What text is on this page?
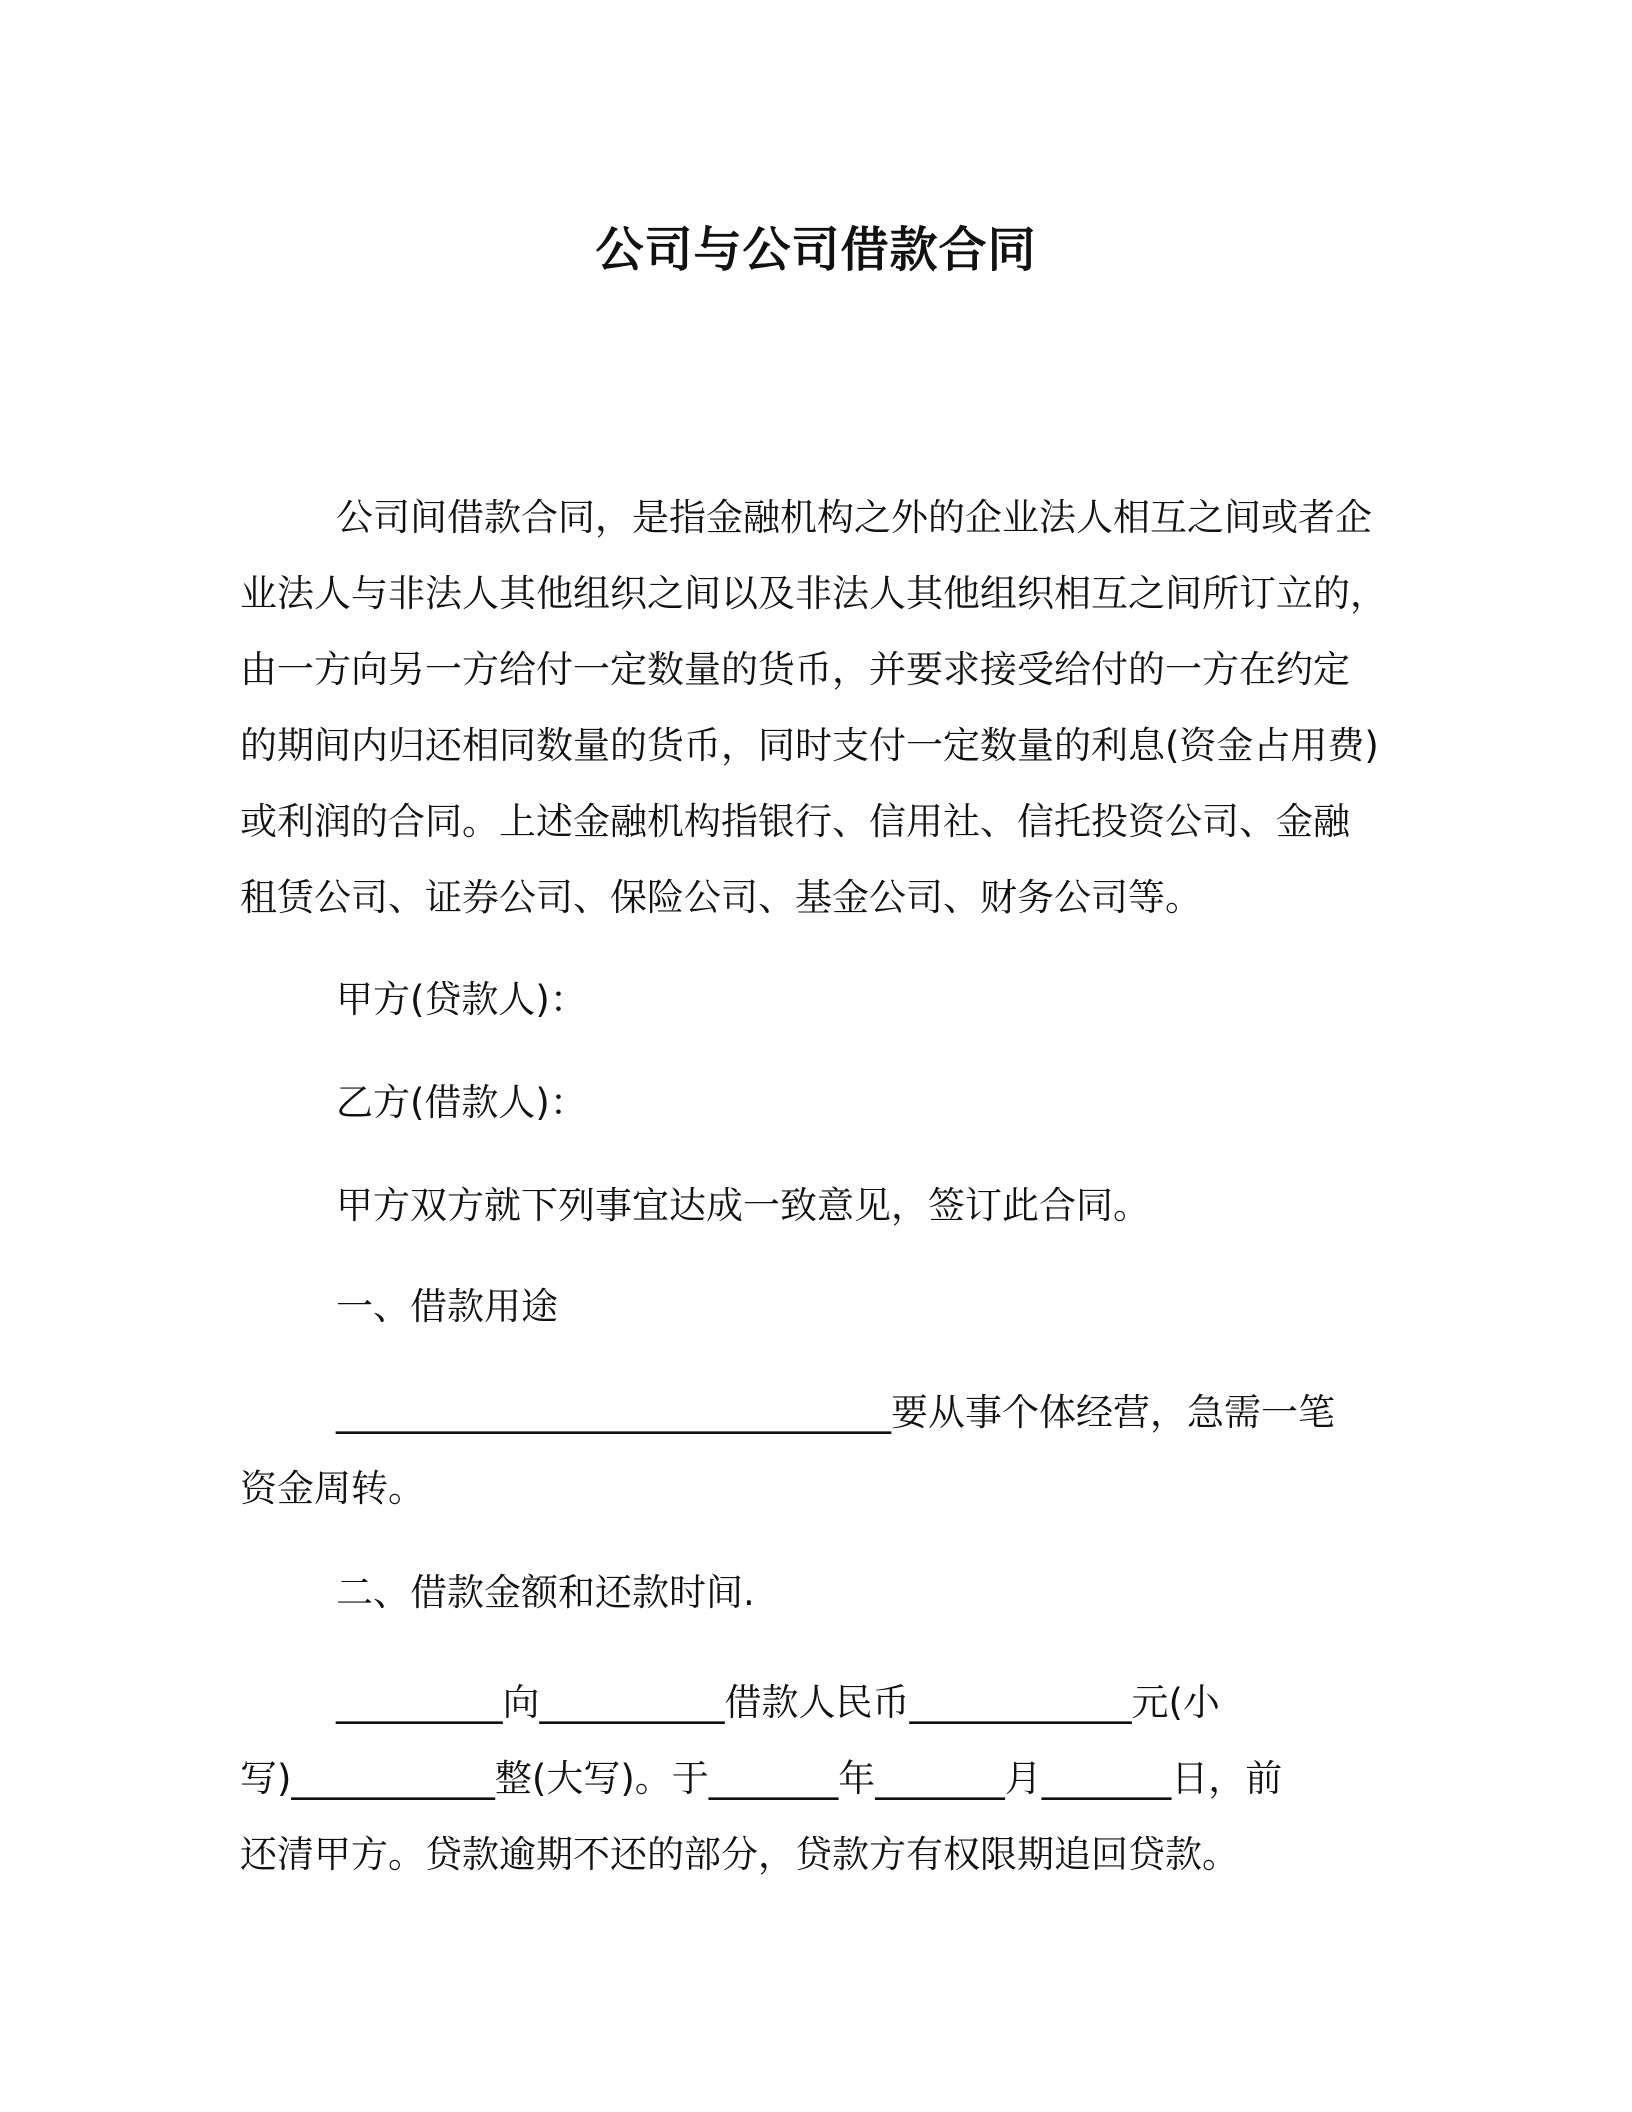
公司与公司借款合同
公司间借款合同，是指金融机构之外的企业法人相互之间或者企
业法人与非法人其他组织之间以及非法人其他组织相互之间所订立的，
由一方向另一方给付一定数量的货币，并要求接受给付的一方在约定
的期间内归还相同数量的货币，同时支付一定数量的利息(资金占用费)
或利润的合同。上述金融机构指银行、信用社、信托投资公司、金融
租赁公司、证券公司、保险公司、基金公司、财务公司等。
甲方(贷款人)：
乙方(借款人)：
甲方双方就下列事宜达成一致意见，签订此合同。
一、借款用途
______________________________要从事个体经营，急需一笔
资金周转。
二、借款金额和还款时间.
_________向__________借款人民币____________元(小
写)___________整(大写)。于_______年_______月_______日，前
还清甲方。贷款逾期不还的部分，贷款方有权限期追回贷款。
